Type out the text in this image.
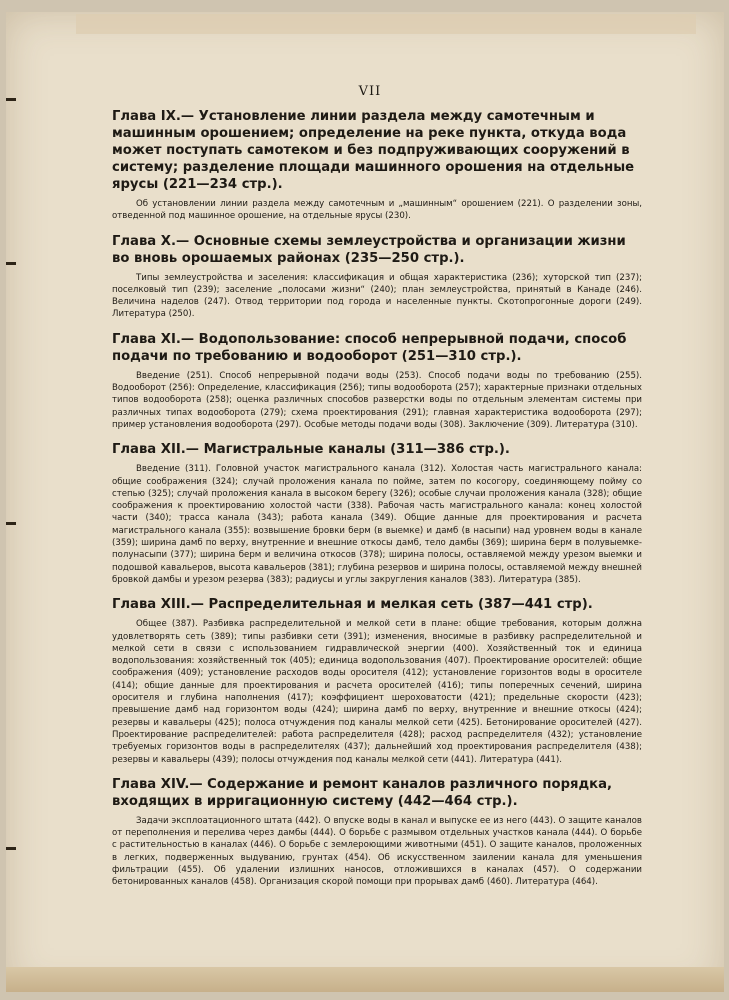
VII

Глава IX.— Установление линии раздела между самотечным и машинным орошением; определение на реке пункта, откуда вода может поступать самотеком и без подпруживающих сооружений в систему; разделение площади машинного орошения на отдельные ярусы (221—234 стр.).

Об установлении линии раздела между самотечным и „машинным“ орошением (221). О разделении зоны, отведенной под машинное орошение, на отдельные ярусы (230).

Глава X.— Основные схемы землеустройства и организации жизни во вновь орошаемых районах (235—250 стр.).

Типы землеустройства и заселения: классификация и общая характеристика (236); хуторской тип (237); поселковый тип (239); заселение „полосами жизни“ (240); план землеустройства, принятый в Канаде (246). Величина наделов (247). Отвод территории под города и населенные пункты. Скотопрогонные дороги (249). Литература (250).

Глава XI.— Водопользование: способ непрерывной подачи, способ подачи по требованию и водооборот (251—310 стр.).

Введение (251). Способ непрерывной подачи воды (253). Способ подачи воды по требованию (255). Водооборот (256): Определение, классификация (256); типы водооборота (257); характерные признаки отдельных типов водооборота (258); оценка различных способов разверстки воды по отдельным элементам системы при различных типах водооборота (279); схема проектирования (291); главная характеристика водооборота (297); пример установления водооборота (297). Особые методы подачи воды (308). Заключение (309). Литература (310).

Глава XII.— Магистральные каналы (311—386 стр.).

Введение (311). Головной участок магистрального канала (312). Холостая часть магистрального канала: общие соображения (324); случай проложения канала по пойме, затем по косогору, соединяющему пойму со степью (325); случай проложения канала в высоком берегу (326); особые случаи проложения канала (328); общие соображения к проектированию холостой части (338). Рабочая часть магистрального канала: конец холостой части (340); трасса канала (343); работа канала (349). Общие данные для проектирования и расчета магистрального канала (355): возвышение бровки берм (в выемке) и дамб (в насыпи) над уровнем воды в канале (359); ширина дамб по верху, внутренние и внешние откосы дамб, тело дамбы (369); ширина берм в полувыемке-полунасыпи (377); ширина берм и величина откосов (378); ширина полосы, оставляемой между урезом выемки и подошвой кавальеров, высота кавальеров (381); глубина резервов и ширина полосы, оставляемой между внешней бровкой дамбы и урезом резерва (383); радиусы и углы закругления каналов (383). Литература (385).

Глава XIII.— Распределительная и мелкая сеть (387—441 стр).

Общее (387). Разбивка распределительной и мелкой сети в плане: общие требования, которым должна удовлетворять сеть (389); типы разбивки сети (391); изменения, вносимые в разбивку распределительной и мелкой сети в связи с использованием гидравлической энергии (400). Хозяйственный ток и единица водопользования: хозяйственный ток (405); единица водопользования (407). Проектирование оросителей: общие соображения (409); установление расходов воды оросителя (412); установление горизонтов воды в оросителе (414); общие данные для проектирования и расчета оросителей (416); типы поперечных сечений, ширина оросителя и глубина наполнения (417); коэффициент шероховатости (421); предельные скорости (423); превышение дамб над горизонтом воды (424); ширина дамб по верху, внутренние и внешние откосы (424); резервы и кавальеры (425); полоса отчуждения под каналы мелкой сети (425). Бетонирование оросителей (427). Проектирование распределителей: работа распределителя (428); расход распределителя (432); установление требуемых горизонтов воды в распределителях (437); дальнейший ход проектирования распределителя (438); резервы и кавальеры (439); полосы отчуждения под каналы мелкой сети (441). Литература (441).

Глава XIV.— Содержание и ремонт каналов различного порядка, входящих в ирригационную систему (442—464 стр.).

Задачи эксплоатационного штата (442). О впуске воды в канал и выпуске ее из него (443). О защите каналов от переполнения и перелива через дамбы (444). О борьбе с размывом отдельных участков канала (444). О борьбе с растительностью в каналах (446). О борьбе с землероющими животными (451). О защите каналов, проложенных в легких, подверженных выдуванию, грунтах (454). Об искусственном заилении канала для уменьшения фильтрации (455). Об удалении излишних наносов, отложившихся в каналах (457). О содержании бетонированных каналов (458). Организация скорой помощи при прорывах дамб (460). Литература (464).
